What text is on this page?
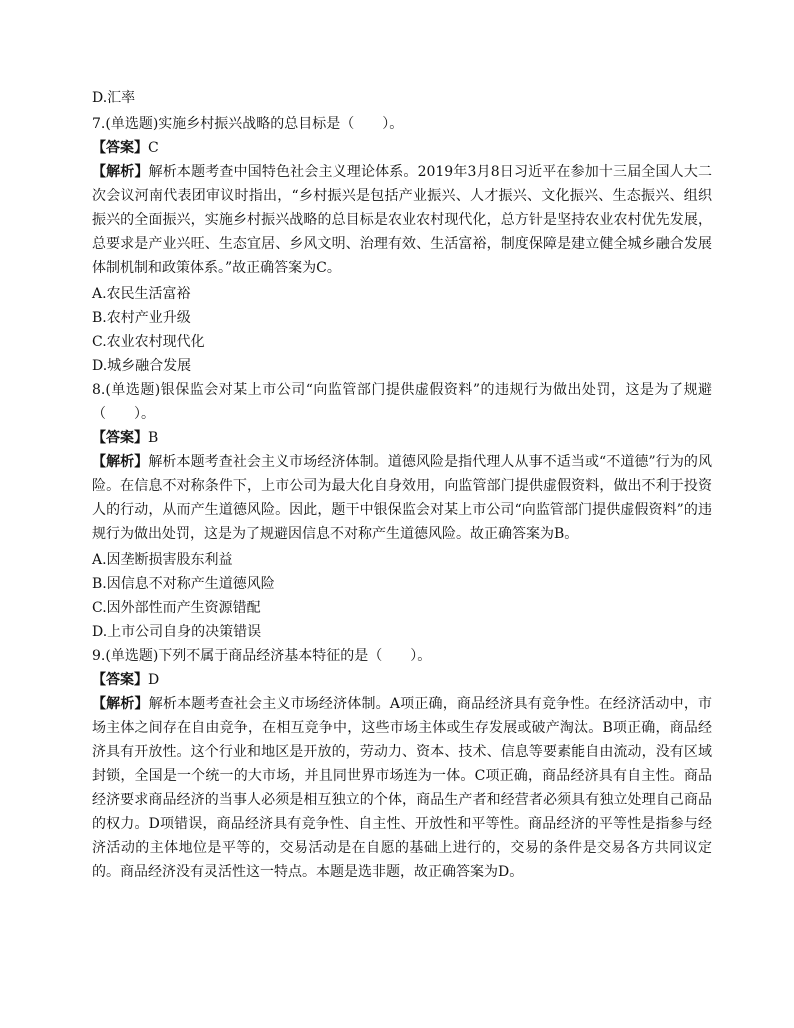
D.汇率

7.(单选题)实施乡村振兴战略的总目标是（　　）。

【答案】C

【解析】解析本题考查中国特色社会主义理论体系。2019年3月8日习近平在参加十三届全国人大二次会议河南代表团审议时指出，“乡村振兴是包括产业振兴、人才振兴、文化振兴、生态振兴、组织振兴的全面振兴，实施乡村振兴战略的总目标是农业农村现代化，总方针是坚持农业农村优先发展，总要求是产业兴旺、生态宜居、乡风文明、治理有效、生活富裕，制度保障是建立健全城乡融合发展体制机制和政策体系。”故正确答案为C。

A.农民生活富裕

B.农村产业升级

C.农业农村现代化

D.城乡融合发展

8.(单选题)银保监会对某上市公司“向监管部门提供虚假资料”的违规行为做出处罚，这是为了规避（　　）。

【答案】B

【解析】解析本题考查社会主义市场经济体制。道德风险是指代理人从事不适当或“不道德”行为的风险。在信息不对称条件下，上市公司为最大化自身效用，向监管部门提供虚假资料，做出不利于投资人的行动，从而产生道德风险。因此，题干中银保监会对某上市公司“向监管部门提供虚假资料”的违规行为做出处罚，这是为了规避因信息不对称产生道德风险。故正确答案为B。

A.因垄断损害股东利益

B.因信息不对称产生道德风险

C.因外部性而产生资源错配

D.上市公司自身的决策错误

9.(单选题)下列不属于商品经济基本特征的是（　　）。

【答案】D

【解析】解析本题考查社会主义市场经济体制。A项正确，商品经济具有竞争性。在经济活动中，市场主体之间存在自由竞争，在相互竞争中，这些市场主体或生存发展或破产淘汰。B项正确，商品经济具有开放性。这个行业和地区是开放的，劳动力、资本、技术、信息等要素能自由流动，没有区域封锁，全国是一个统一的大市场，并且同世界市场连为一体。C项正确，商品经济具有自主性。商品经济要求商品经济的当事人必须是相互独立的个体，商品生产者和经营者必须具有独立处理自己商品的权力。D项错误，商品经济具有竞争性、自主性、开放性和平等性。商品经济的平等性是指参与经济活动的主体地位是平等的，交易活动是在自愿的基础上进行的，交易的条件是交易各方共同议定的。商品经济没有灵活性这一特点。本题是选非题，故正确答案为D。
